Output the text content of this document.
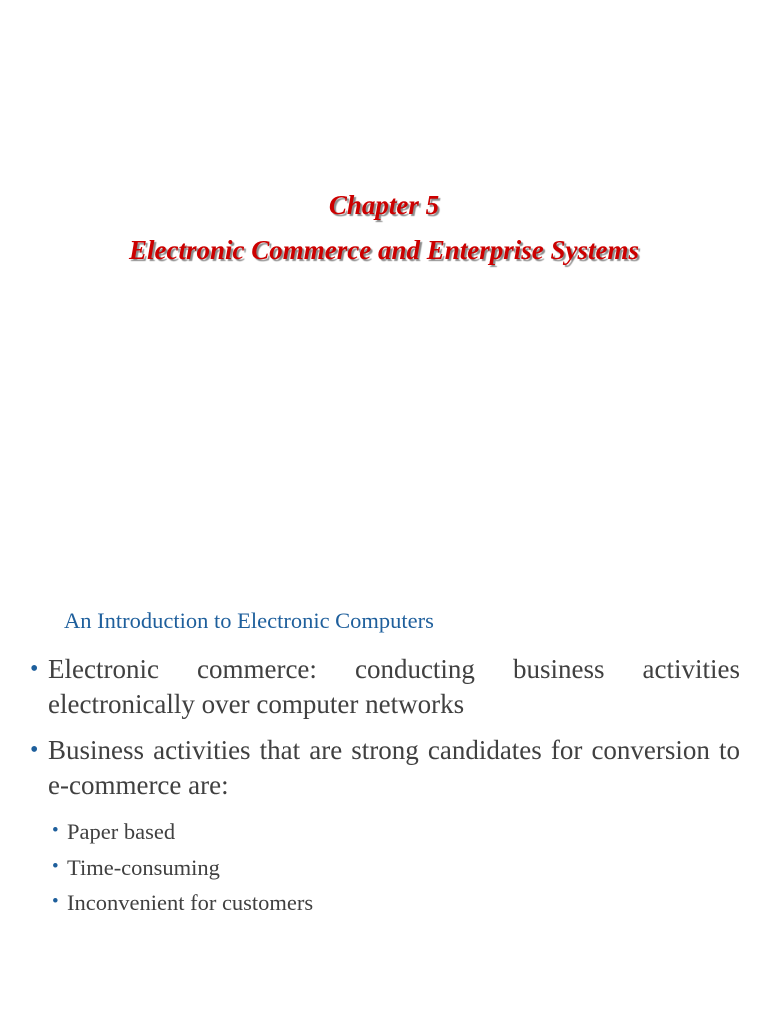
Chapter 5
Electronic Commerce and Enterprise Systems
An Introduction to Electronic Computers
• Electronic commerce: conducting business activities electronically over computer networks
• Business activities that are strong candidates for conversion to e-commerce are:
• Paper based
• Time-consuming
• Inconvenient for customers
